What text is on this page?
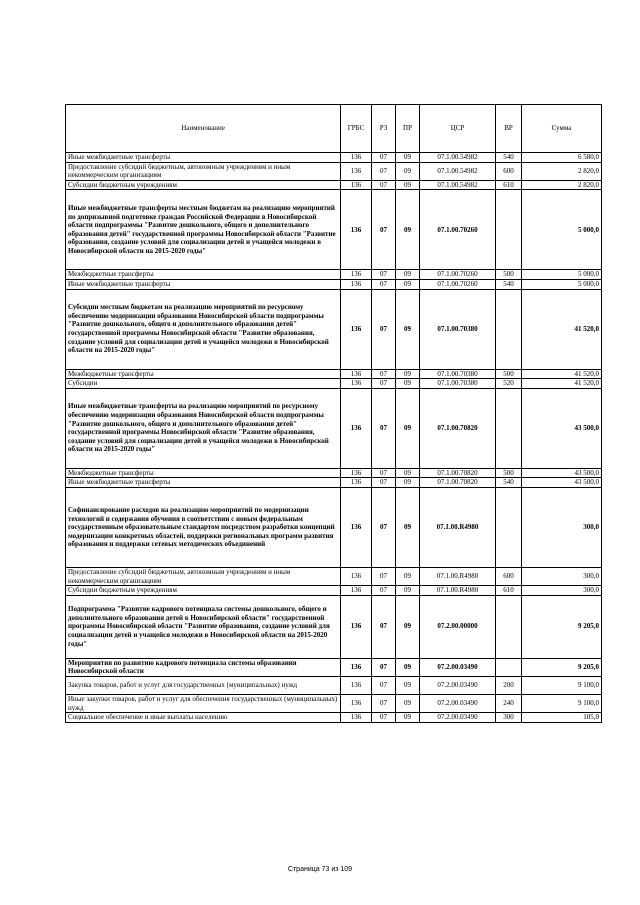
Наименование	ГРБС	РЗ	ПР	ЦСР	ВР	Сумма
Иные межбюджетные трансферты	136	07	09	07.1.00.54982	540	6 580,0
Предоставление субсидий бюджетным, автономным учреждениям и иным некоммерческим организациям	136	07	09	07.1.00.54982	600	2 820,0
Субсидии бюджетным учреждениям	136	07	09	07.1.00.54982	610	2 820,0
Иные межбюджетные трансферты местным бюджетам на реализацию мероприятий по допризывной подготовке граждан Российской Федерации в Новосибирской области подпрограммы "Развитие дошкольного, общего и дополнительного образования детей" государственной программы Новосибирской области "Развитие образования, создание условий для социализации детей и учащейся молодежи в Новосибирской области на 2015-2020 годы"	136	07	09	07.1.00.70260		5 000,0
Межбюджетные трансферты	136	07	09	07.1.00.70260	500	5 000,0
Иные межбюджетные трансферты	136	07	09	07.1.00.70260	540	5 000,0
Субсидии местным бюджетам на реализацию мероприятий по ресурсному обеспечению модернизации образования Новосибирской области подпрограммы "Развитие дошкольного, общего и дополнительного образования детей" государственной программы Новосибирской области "Развитие образования, создание условий для социализации детей и учащейся молодежи в Новосибирской области на 2015-2020 годы"	136	07	09	07.1.00.70380		41 520,0
Межбюджетные трансферты	136	07	09	07.1.00.70380	500	41 520,0
Субсидии	136	07	09	07.1.00.70380	520	41 520,0
Иные межбюджетные трансферты на реализацию мероприятий по ресурсному обеспечению модернизации образования Новосибирской области подпрограммы "Развитие дошкольного, общего и дополнительного образования детей" государственной программы Новосибирской области "Развитие образования, создание условий для социализации детей и учащейся молодежи в Новосибирской области на 2015-2020 годы"	136	07	09	07.1.00.70820		43 500,0
Межбюджетные трансферты	136	07	09	07.1.00.70820	500	43 500,0
Иные межбюджетные трансферты	136	07	09	07.1.00.70820	540	43 500,0
Софинансирование расходов на реализацию мероприятий по модернизации технологий и содержания обучения в соответствии с новым федеральным государственным образовательным стандартом посредством разработки концепций модернизации конкретных областей, поддержки региональных программ развития образования и поддержки сетевых методических объединений	136	07	09	07.1.00.R4980		300,0
Предоставление субсидий бюджетным, автономным учреждениям и иным некоммерческим организациям	136	07	09	07.1.00.R4980	600	300,0
Субсидии бюджетным учреждениям	136	07	09	07.1.00.R4980	610	300,0
Подпрограмма "Развитие кадрового потенциала системы дошкольного, общего и дополнительного образования детей в Новосибирской области" государственной программы Новосибирской области "Развитие образования, создание условий для социализации детей и учащейся молодежи в Новосибирской области на 2015-2020 годы"	136	07	09	07.2.00.00000		9 205,0
Мероприятия по развитию кадрового потенциала системы образования Новосибирской области	136	07	09	07.2.00.03490		9 205,0
Закупка товаров, работ и услуг для государственных (муниципальных) нужд	136	07	09	07.2.00.03490	200	9 100,0
Иные закупки товаров, работ и услуг для обеспечения государственных (муниципальных) нужд	136	07	09	07.2.00.03490	240	9 100,0
Социальное обеспечение и иные выплаты населению	136	07	09	07.2.00.03490	300	105,0
Страница 73 из 109
